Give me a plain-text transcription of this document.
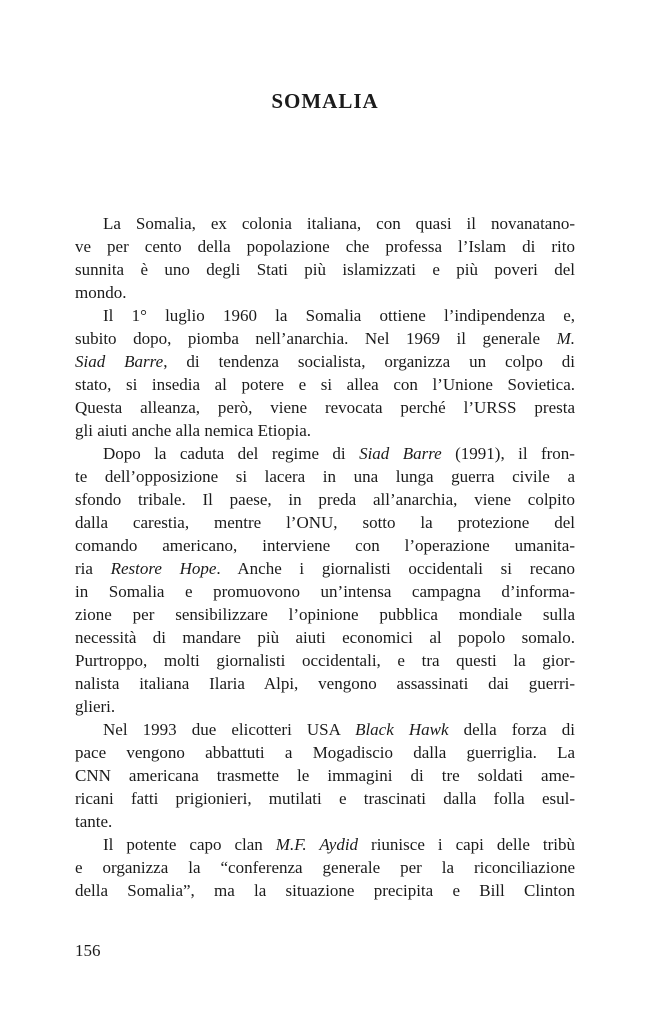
SOMALIA
La Somalia, ex colonia italiana, con quasi il novanatano-
ve per cento della popolazione che professa l’Islam di rito
sunnita è uno degli Stati più islamizzati e più poveri del
mondo.
Il 1° luglio 1960 la Somalia ottiene l’indipendenza e,
subito dopo, piomba nell’anarchia. Nel 1969 il generale M.
Siad Barre, di tendenza socialista, organizza un colpo di
stato, si insedia al potere e si allea con l’Unione Sovietica.
Questa alleanza, però, viene revocata perché l’URSS presta
gli aiuti anche alla nemica Etiopia.
Dopo la caduta del regime di Siad Barre (1991), il fron-
te dell’opposizione si lacera in una lunga guerra civile a
sfondo tribale. Il paese, in preda all’anarchia, viene colpito
dalla carestia, mentre l’ONU, sotto la protezione del
comando americano, interviene con l’operazione umanita-
ria Restore Hope. Anche i giornalisti occidentali si recano
in Somalia e promuovono un’intensa campagna d’informa-
zione per sensibilizzare l’opinione pubblica mondiale sulla
necessità di mandare più aiuti economici al popolo somalo.
Purtroppo, molti giornalisti occidentali, e tra questi la gior-
nalista italiana Ilaria Alpi, vengono assassinati dai guerri-
glieri.
Nel 1993 due elicotteri USA Black Hawk della forza di
pace vengono abbattuti a Mogadiscio dalla guerriglia. La
CNN americana trasmette le immagini di tre soldati ame-
ricani fatti prigionieri, mutilati e trascinati dalla folla esul-
tante.
Il potente capo clan M.F. Aydid riunisce i capi delle tribù
e organizza la “conferenza generale per la riconciliazione
della Somalia”, ma la situazione precipita e Bill Clinton
156
